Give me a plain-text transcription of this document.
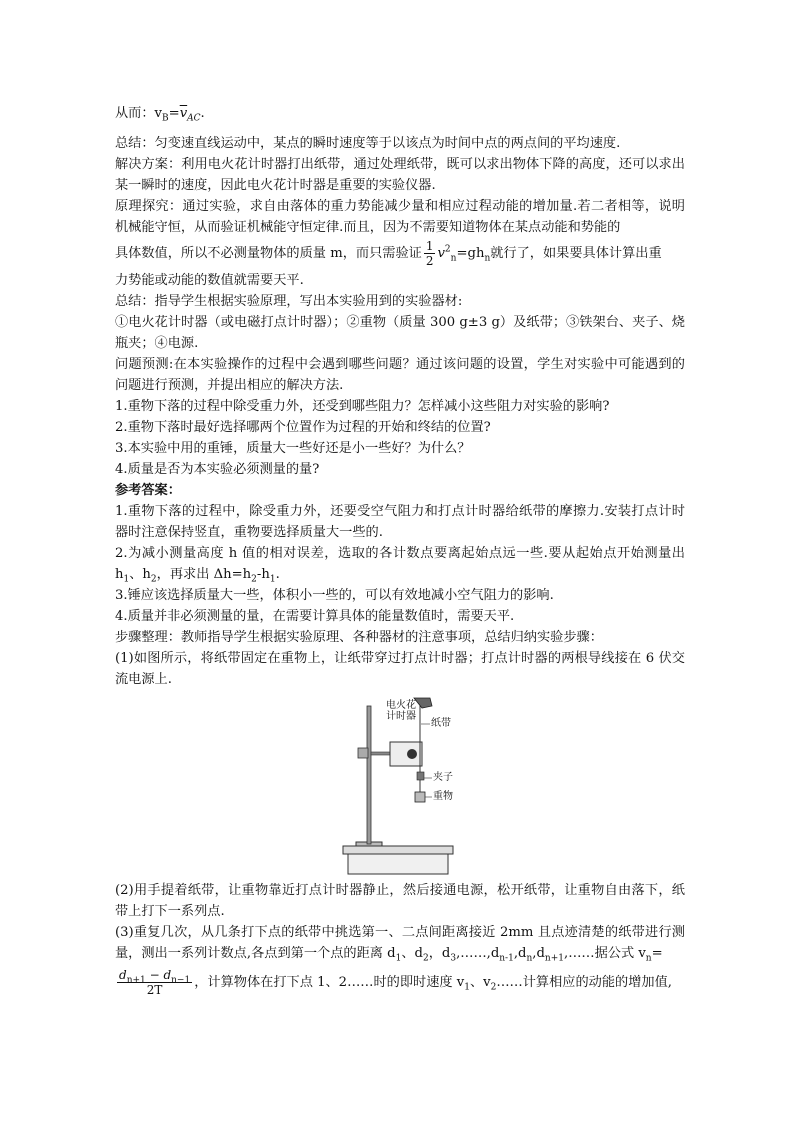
从而：$v_B=\overline{v}_{AC}$.

总结：匀变速直线运动中，某点的瞬时速度等于以该点为时间中点的两点间的平均速度.

解决方案：利用电火花计时器打出纸带，通过处理纸带，既可以求出物体下降的高度，还可以求出某一瞬时的速度，因此电火花计时器是重要的实验仪器.

原理探究：通过实验，求自由落体的重力势能减少量和相应过程动能的增加量.若二者相等，说明机械能守恒，从而验证机械能守恒定律.而且，因为不需要知道物体在某点动能和势能的

具体数值，所以不必测量物体的质量 m，而只需验证 $\frac{1}{2} v^2_n=gh_n$就行了，如果要具体计算出重

力势能或动能的数值就需要天平.

总结：指导学生根据实验原理，写出本实验用到的实验器材:

①电火花计时器（或电磁打点计时器）；②重物（质量 300 g±3 g）及纸带；③铁架台、夹子、烧瓶夹；④电源.

问题预测:在本实验操作的过程中会遇到哪些问题？通过该问题的设置，学生对实验中可能遇到的问题进行预测，并提出相应的解决方法.

1.重物下落的过程中除受重力外，还受到哪些阻力？怎样减小这些阻力对实验的影响?

2.重物下落时最好选择哪两个位置作为过程的开始和终结的位置?

3.本实验中用的重锤，质量大一些好还是小一些好？为什么？

4.质量是否为本实验必须测量的量?

参考答案：

1.重物下落的过程中，除受重力外，还要受空气阻力和打点计时器给纸带的摩擦力.安装打点计时器时注意保持竖直，重物要选择质量大一些的.

2.为减小测量高度 h 值的相对误差，选取的各计数点要离起始点远一些.要从起始点开始测量出 $h_1$、$h_2$，再求出 $\Delta h=h_2-h_1$.

3.锤应该选择质量大一些，体积小一些的，可以有效地减小空气阻力的影响.

4.质量并非必须测量的量，在需要计算具体的能量数值时，需要天平.

步骤整理：教师指导学生根据实验原理、各种器材的注意事项，总结归纳实验步骤：

(1)如图所示，将纸带固定在重物上，让纸带穿过打点计时器；打点计时器的两根导线接在 6 伏交流电源上.

电火花
计时器
纸带
夹子
重物

(2)用手提着纸带，让重物靠近打点计时器静止，然后接通电源，松开纸带，让重物自由落下，纸带上打下一系列点.

(3)重复几次，从几条打下点的纸带中挑选第一、二点间距离接近 2mm 且点迹清楚的纸带进行测量，测出一系列计数点,各点到第一个点的距离 $d_1$、$d_2$，$d_3,\dots\dots,d_{n-1},d_n,d_{n+1},\dots\dots$据公式 $v_n=$

$\frac{d_{n+1} - d_{n-1}}{2T}$ ，计算物体在打下点 1、2……时的即时速度 $v_1$、$v_2\dots\dots$计算相应的动能的增加值,
